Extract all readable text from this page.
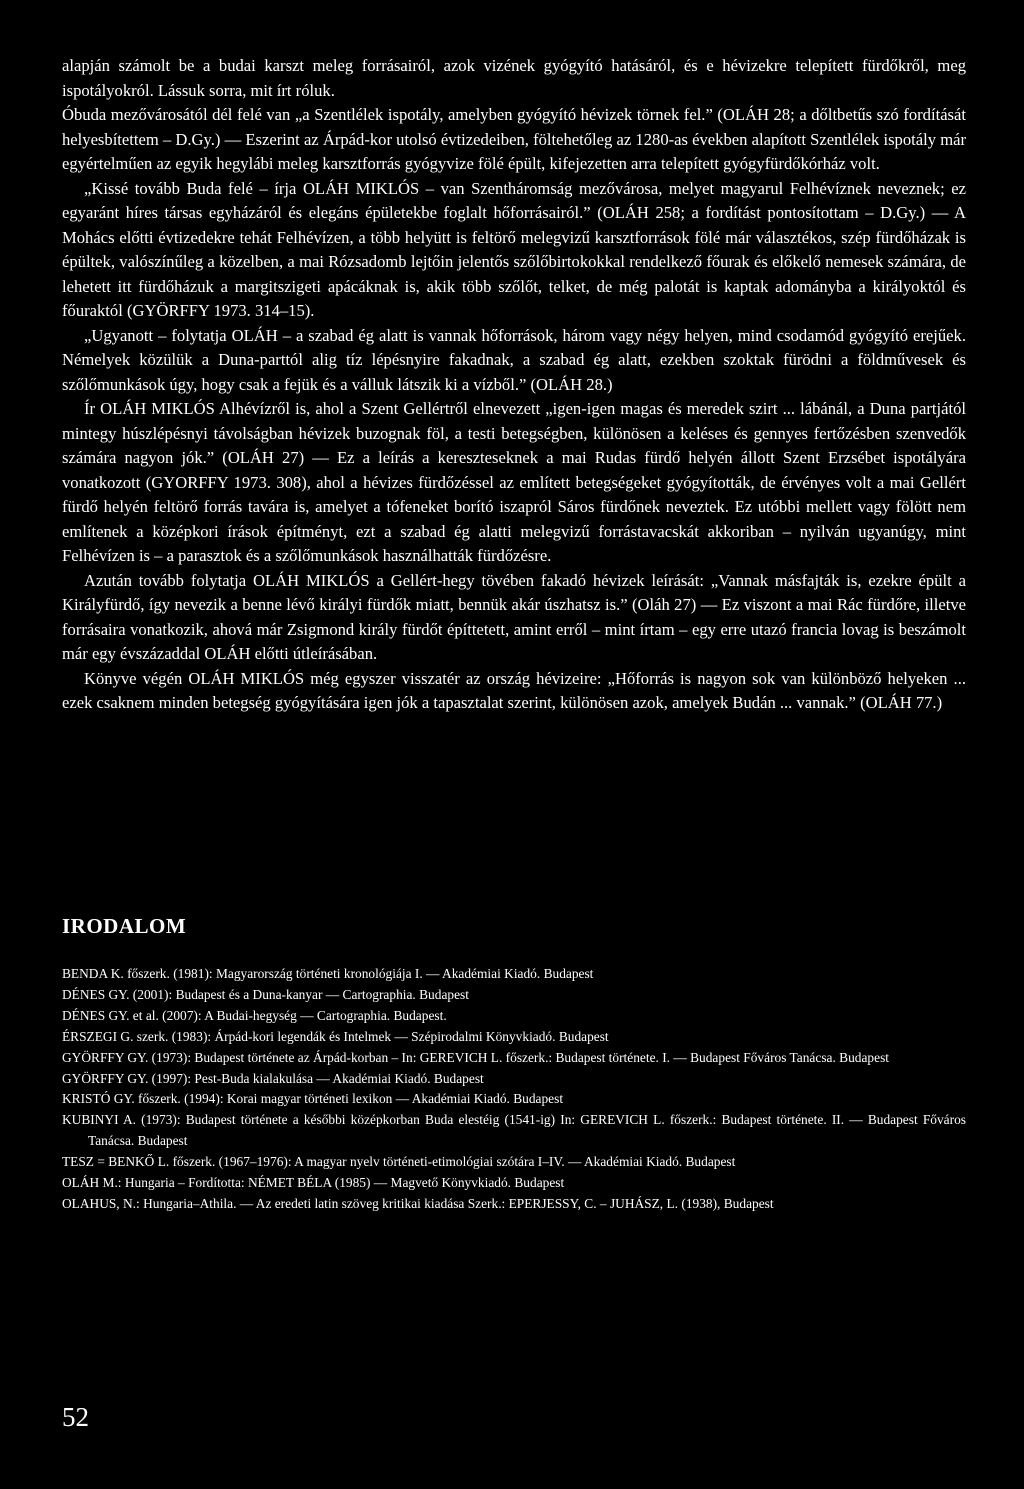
alapján számolt be a budai karszt meleg forrásairól, azok vizének gyógyító hatásáról, és e hévizekre telepített fürdőkről, meg ispotályokról. Lássuk sorra, mit írt róluk.

Óbuda mezővárosától dél felé van „a Szentlélek ispotály, amelyben gyógyító hévizek törnek fel.” (OLÁH 28; a dőltbetűs szó fordítását helyesbítettem – D.Gy.) — Eszerint az Árpád-kor utolsó évtizedeiben, föltehetőleg az 1280-as években alapított Szentlélek ispotály már egyértelműen az egyik hegylábi meleg karsztforrás gyógyvize fölé épült, kifejezetten arra telepített gyógyfürdőkórház volt.

„Kissé tovább Buda felé – írja OLÁH MIKLÓS – van Szentháromság mezővárosa, melyet magyarul Felhévíznek neveznek; ez egyaránt híres társas egyházáról és elegáns épületekbe foglalt hőforrásairól.” (OLÁH 258; a fordítást pontosítottam – D.Gy.) — A Mohács előtti évtizedekre tehát Felhévízen, a több helyütt is feltörő melegvizű karsztforrások fölé már választékos, szép fürdőházak is épültek, valószínűleg a közelben, a mai Rózsadomb lejtőin jelentős szőlőbirtokokkal rendelkező főurak és előkelő nemesek számára, de lehetett itt fürdőházuk a margitszigeti apácáknak is, akik több szőlőt, telket, de még palotát is kaptak adományba a királyoktól és főuraktól (GYÖRFFY 1973. 314–15).

„Ugyanott – folytatja OLÁH – a szabad ég alatt is vannak hőforrások, három vagy négy helyen, mind csodamód gyógyító erejűek. Némelyek közülük a Duna-parttól alig tíz lépésnyire fakadnak, a szabad ég alatt, ezekben szoktak fürödni a földművesek és szőlőmunkások úgy, hogy csak a fejük és a válluk látszik ki a vízből.” (OLÁH 28.)

Ír OLÁH MIKLÓS Alhévízről is, ahol a Szent Gellértről elnevezett „igen-igen magas és meredek szirt ... lábánál, a Duna partjától mintegy húszlépésnyi távolságban hévizek buzognak föl, a testi betegségben, különösen a keléses és gennyes fertőzésben szenvedők számára nagyon jók.” (OLÁH 27) — Ez a leírás a kereszteseknek a mai Rudas fürdő helyén állott Szent Erzsébet ispotályára vonatkozott (GYORFFY 1973. 308), ahol a hévizes fürdőzéssel az említett betegségeket gyógyították, de érvényes volt a mai Gellért fürdő helyén feltörő forrás tavára is, amelyet a tófeneket borító iszapról Sáros fürdőnek neveztek. Ez utóbbi mellett vagy fölött nem említenek a középkori írások építményt, ezt a szabad ég alatti melegvizű forrástavacskát akkoriban – nyilván ugyanúgy, mint Felhévízen is – a parasztok és a szőlőmunkások használhatták fürdőzésre.

Azután tovább folytatja OLÁH MIKLÓS a Gellért-hegy tövében fakadó hévizek leírását: „Vannak másfajták is, ezekre épült a Királyfürdő, így nevezik a benne lévő királyi fürdők miatt, bennük akár úszhatsz is.” (Oláh 27) — Ez viszont a mai Rác fürdőre, illetve forrásaira vonatkozik, ahová már Zsigmond király fürdőt építtetett, amint erről – mint írtam – egy erre utazó francia lovag is beszámolt már egy évszázaddal OLÁH előtti útleírásában.

Könyve végén OLÁH MIKLÓS még egyszer visszatér az ország hévizeire: „Hőforrás is nagyon sok van különböző helyeken ... ezek csaknem minden betegség gyógyítására igen jók a tapasztalat szerint, különösen azok, amelyek Budán ... vannak.” (OLÁH 77.)

IRODALOM
BENDA K. főszerk. (1981): Magyarország történeti kronológiája I. — Akadémiai Kiadó. Budapest
DÉNES GY. (2001): Budapest és a Duna-kanyar — Cartographia. Budapest
DÉNES GY. et al. (2007): A Budai-hegység — Cartographia. Budapest.
ÉRSZEGI G. szerk. (1983): Árpád-kori legendák és Intelmek — Szépirodalmi Könyvkiadó. Budapest
GYÖRFFY GY. (1973): Budapest története az Árpád-korban – In: GEREVICH L. főszerk.: Budapest története. I. — Budapest Főváros Tanácsa. Budapest
GYÖRFFY GY. (1997): Pest-Buda kialakulása — Akadémiai Kiadó. Budapest
KRISTÓ GY. főszerk. (1994): Korai magyar történeti lexikon — Akadémiai Kiadó. Budapest
KUBINYI A. (1973): Budapest története a későbbi középkorban Buda elestéig (1541-ig) In: GEREVICH L. főszerk.: Budapest története. II. — Budapest Főváros Tanácsa. Budapest
TESZ = BENKŐ L. főszerk. (1967–1976): A magyar nyelv történeti-etimológiai szótára I–IV. — Akadémiai Kiadó. Budapest
OLÁH M.: Hungaria – Fordította: NÉMET BÉLA (1985) — Magvető Könyvkiadó. Budapest
OLAHUS, N.: Hungaria–Athila. — Az eredeti latin szöveg kritikai kiadása Szerk.: EPERJESSY, C. – JUHÁSZ, L. (1938), Budapest
52
